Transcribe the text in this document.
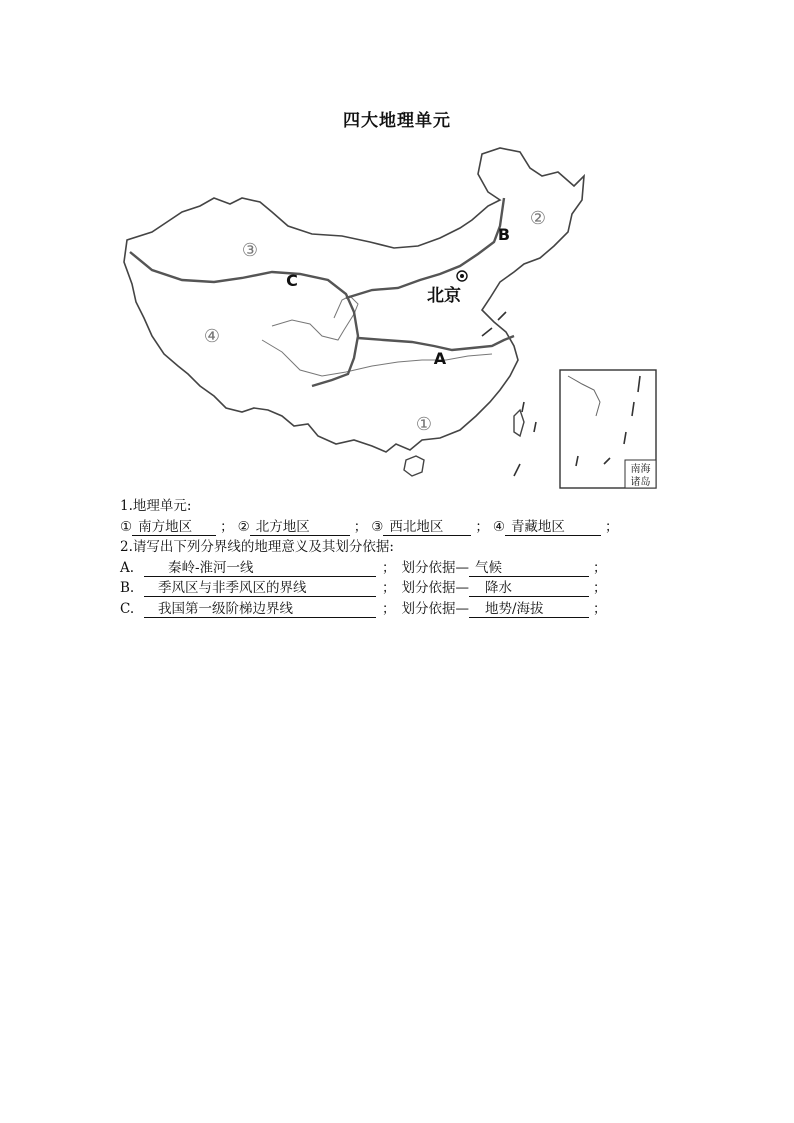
四大地理单元
③
④
②
①
A
B
C
北京
南海
诸岛
1.地理单元:
① 南方地区 ； ② 北方地区	； ③ 西北地区 ； ④ 青藏地区	；
2.请写出下列分界线的地理意义及其划分依据:
A.	秦岭-淮河一线	； 划分依据— 气候	；
B. 季风区与非季风区的界线	； 划分依据— 降水	；
C. 我国第一级阶梯边界线	； 划分依据— 地势/海拔	；
